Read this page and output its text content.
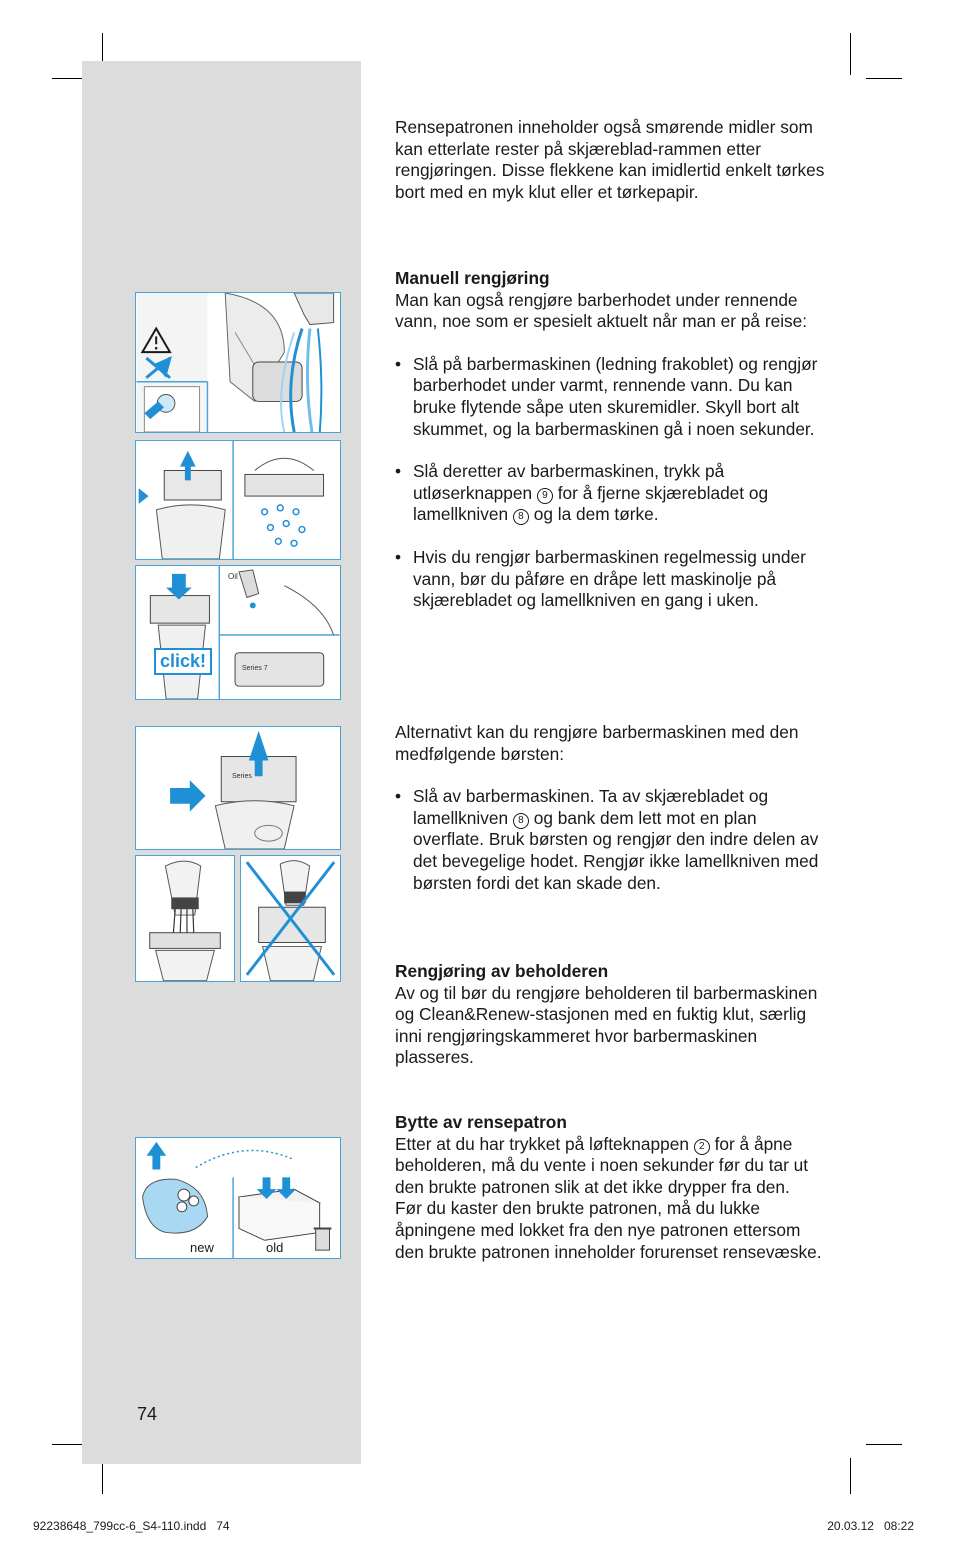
click!
Oil
Series 7
Series
new	old

Rensepatronen inneholder også smørende midler som kan etterlate rester på skjæreblad-rammen etter rengjøringen. Disse flekkene kan imidlertid enkelt tørkes bort med en myk klut eller et tørkepapir.

Manuell rengjøring

Man kan også rengjøre barberhodet under rennende vann, noe som er spesielt aktuelt når man er på reise:

• Slå på barbermaskinen (ledning frakoblet) og rengjør barberhodet under varmt, rennende vann. Du kan bruke flytende såpe uten skuremidler. Skyll bort alt skummet, og la barbermaskinen gå i noen sekunder.
• Slå deretter av barbermaskinen, trykk på utløserknappen 9 for å fjerne skjærebladet og lamellkniven 8 og la dem tørke.
• Hvis du rengjør barbermaskinen regelmessig under vann, bør du påføre en dråpe lett maskinolje på skjærebladet og lamellkniven en gang i uken.

Alternativt kan du rengjøre barbermaskinen med den medfølgende børsten:

• Slå av barbermaskinen. Ta av skjærebladet og lamellkniven 8 og bank dem lett mot en plan overflate. Bruk børsten og rengjør den indre delen av det bevegelige hodet. Rengjør ikke lamellkniven med børsten fordi det kan skade den.

Rengjøring av beholderen

Av og til bør du rengjøre beholderen til barbermaskinen og Clean&Renew-stasjonen med en fuktig klut, særlig inni rengjøringskammeret hvor barbermaskinen plasseres.

Bytte av rensepatron

Etter at du har trykket på løfteknappen 2 for å åpne beholderen, må du vente i noen sekunder før du tar ut den brukte patronen slik at det ikke drypper fra den.

Før du kaster den brukte patronen, må du lukke åpningene med lokket fra den nye patronen ettersom den brukte patronen inneholder forurenset rensevæske.

74
92238648_799cc-6_S4-110.indd   74	20.03.12   08:22
